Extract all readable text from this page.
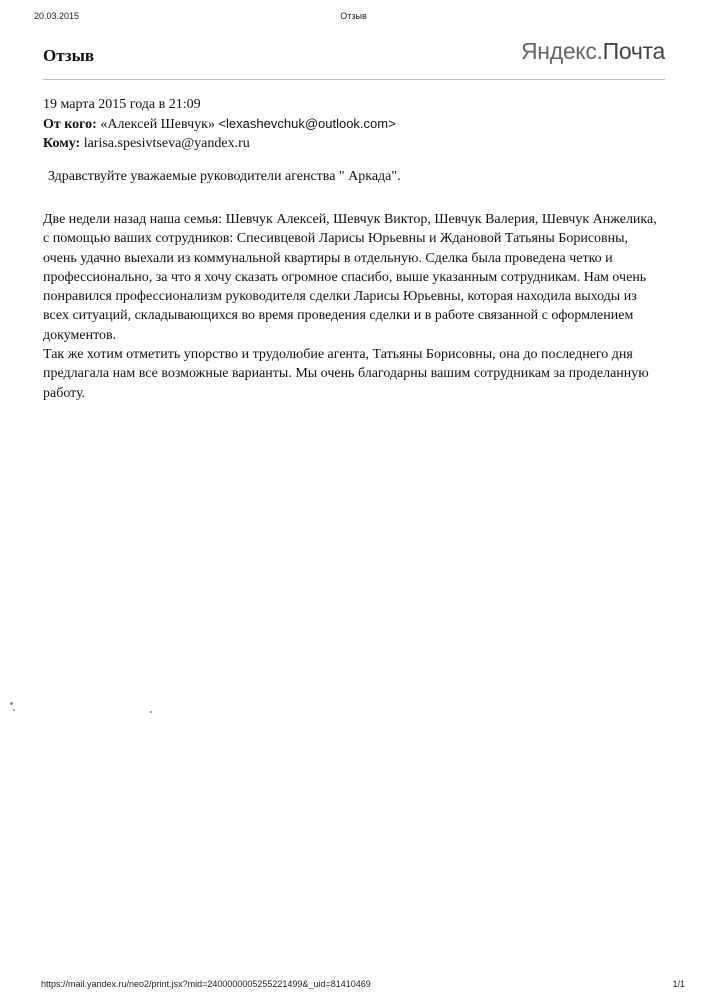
20.03.2015	Отзыв
Отзыв	Яндекс.Почта
19 марта 2015 года в 21:09
От кого: «Алексей Шевчук» <lexashevchuk@outlook.com>
Кому: larisa.spesivtseva@yandex.ru
Здравствуйте уважаемые руководители агенства " Аркада".

Две недели назад наша семья: Шевчук Алексей, Шевчук Виктор, Шевчук Валерия, Шевчук Анжелика, с помощью ваших сотрудников: Спесивцевой Ларисы Юрьевны и Ждановой Татьяны Борисовны, очень удачно выехали из коммунальной квартиры в отдельную. Сделка была проведена четко и профессионально, за что я хочу сказать огромное спасибо, выше указанным сотрудникам. Нам очень понравился профессионализм руководителя сделки Ларисы Юрьевны, которая находила выходы из всех ситуаций, складывающихся во время проведения сделки и в работе связанной с оформлением документов.

Так же хотим отметить упорство и трудолюбие агента, Татьяны Борисовны, она до последнего дня предлагала нам все возможные варианты. Мы очень благодарны вашим сотрудникам за проделанную работу.

https://mail.yandex.ru/neo2/print.jsx?mid=2400000005255221499&_uid=81410469	1/1
